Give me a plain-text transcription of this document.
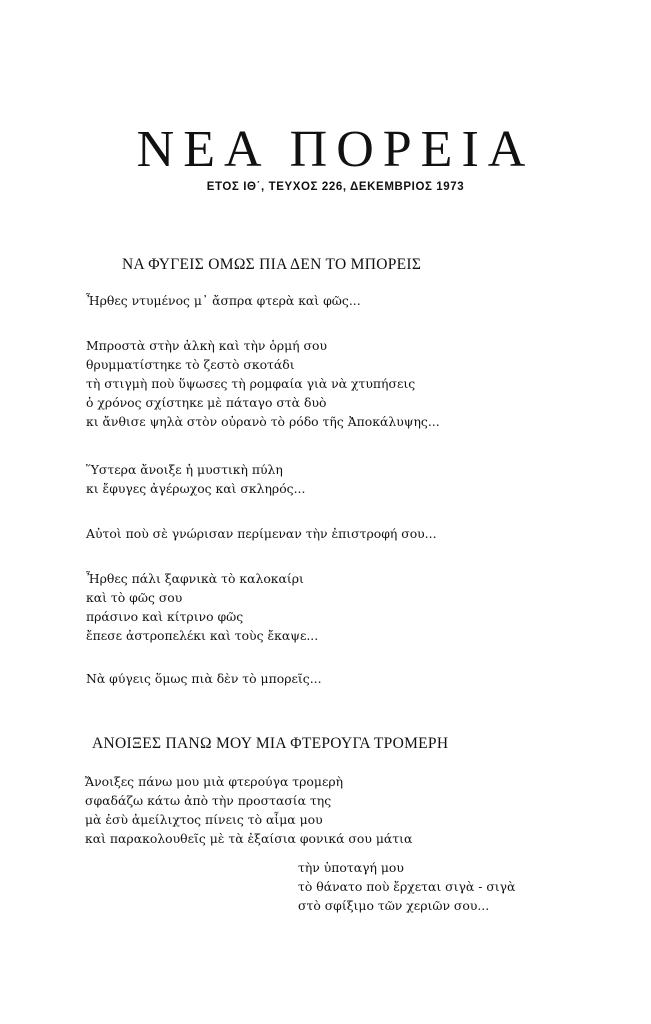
ΝΕΑ ΠΟΡΕΙΑ
ΕΤΟΣ ΙΘ΄, ΤΕΥΧΟΣ 226, ΔΕΚΕΜΒΡΙΟΣ 1973
ΝΑ ΦΥΓΕΙΣ ΟΜΩΣ ΠΙΑ ΔΕΝ ΤΟ ΜΠΟΡΕΙΣ
Ἦρθες ντυμένος μ᾿ ἄσπρα φτερὰ καὶ φῶς...
Μπροστὰ στὴν ἀλκὴ καὶ τὴν ὁρμή σου
θρυμματίστηκε τὸ ζεστὸ σκοτάδι
τὴ στιγμὴ ποὺ ὕψωσες τὴ ρομφαία γιὰ νὰ χτυπήσεις
ὁ χρόνος σχίστηκε μὲ πάταγο στὰ δυὸ
κι ἄνθισε ψηλὰ στὸν οὐρανὸ τὸ ρόδο τῆς Ἀποκάλυψης...
Ὕστερα ἄνοιξε ἡ μυστικὴ πύλη
κι ἔφυγες ἀγέρωχος καὶ σκληρός...
Αὐτοὶ ποὺ σὲ γνώρισαν περίμεναν τὴν ἐπιστροφή σου...
Ἦρθες πάλι ξαφνικὰ τὸ καλοκαίρι
καὶ τὸ φῶς σου
πράσινο καὶ κίτρινο φῶς
ἔπεσε ἀστροπελέκι καὶ τοὺς ἔκαψε...
Νὰ φύγεις ὅμως πιὰ δὲν τὸ μπορεῖς...
ΑΝΟΙΞΕΣ ΠΑΝΩ ΜΟΥ ΜΙΑ ΦΤΕΡΟΥΓΑ ΤΡΟΜΕΡΗ
Ἄνοιξες πάνω μου μιὰ φτερούγα τρομερὴ
σφαδάζω κάτω ἀπὸ τὴν προστασία της
μὰ ἐσὺ ἀμείλιχτος πίνεις τὸ αἷμα μου
καὶ παρακολουθεῖς μὲ τὰ ἐξαίσια φονικά σου μάτια
τὴν ὑποταγή μου
τὸ θάνατο ποὺ ἔρχεται σιγὰ - σιγὰ
στὸ σφίξιμο τῶν χεριῶν σου...
